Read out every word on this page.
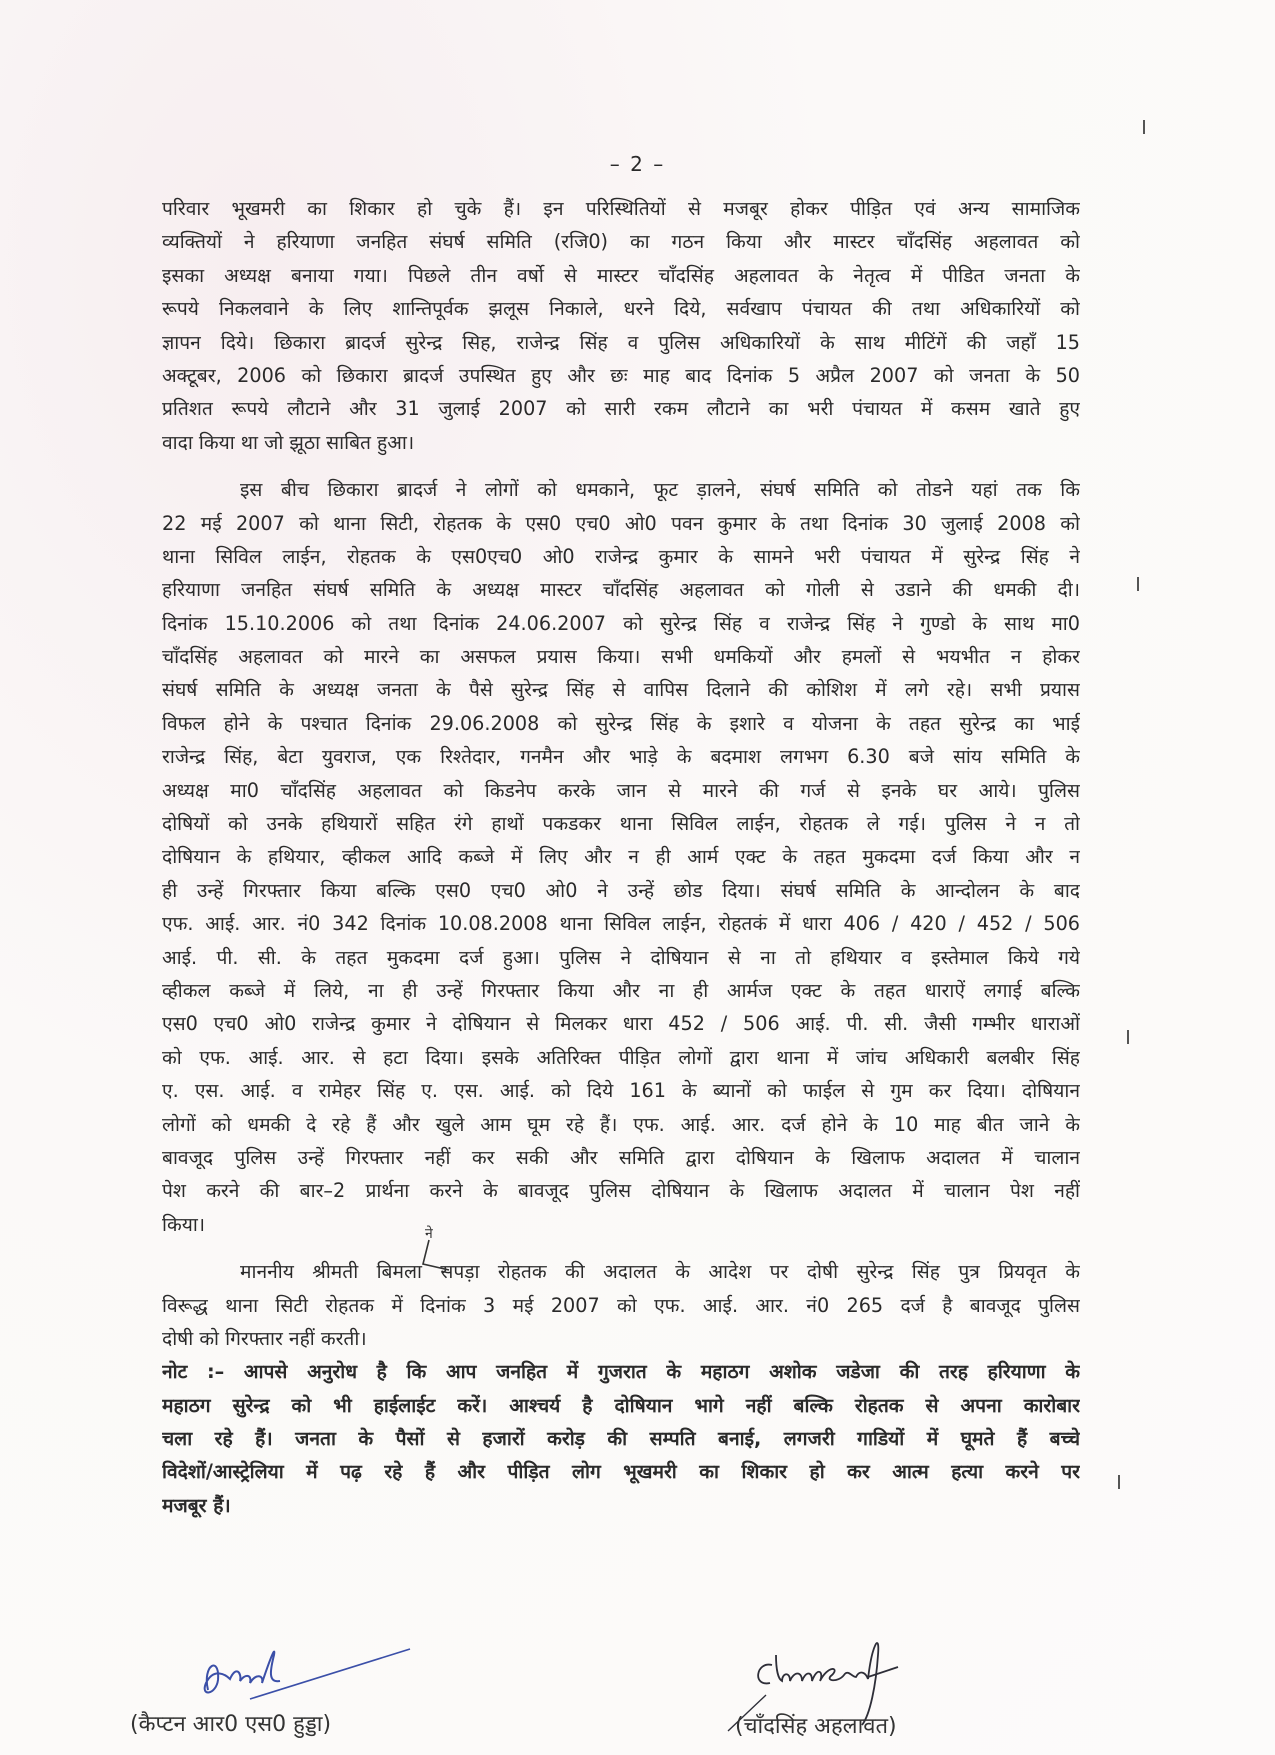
– 2 –
परिवार भूखमरी का शिकार हो चुके हैं। इन परिस्थितियों से मजबूर होकर पीड़ित एवं अन्य सामाजिक
व्यक्तियों ने हरियाणा जनहित संघर्ष समिति (रजि0) का गठन किया और मास्टर चाँदसिंह अहलावत को
इसका अध्यक्ष बनाया गया। पिछले तीन वर्षो से मास्टर चाँदसिंह अहलावत के नेतृत्व में पीडित जनता के
रूपये निकलवाने के लिए शान्तिपूर्वक झलूस निकाले, धरने दिये, सर्वखाप पंचायत की तथा अधिकारियों को
ज्ञापन दिये। छिकारा ब्रादर्ज सुरेन्द्र सिह, राजेन्द्र सिंह व पुलिस अधिकारियों के साथ मीटिंगें की जहाँ 15
अक्टूबर, 2006 को छिकारा ब्रादर्ज उपस्थित हुए और छः माह बाद दिनांक 5 अप्रैल 2007 को जनता के 50
प्रतिशत रूपये लौटाने और 31 जुलाई 2007 को सारी रकम लौटाने का भरी पंचायत में कसम खाते हुए
वादा किया था जो झूठा साबित हुआ।
इस बीच छिकारा ब्रादर्ज ने लोगों को धमकाने, फूट ड़ालने, संघर्ष समिति को तोडने यहां तक कि
22 मई 2007 को थाना सिटी, रोहतक के एस0 एच0 ओ0 पवन कुमार के तथा दिनांक 30 जुलाई 2008 को
थाना सिविल लाईन, रोहतक के एस0एच0 ओ0 राजेन्द्र कुमार के सामने भरी पंचायत में सुरेन्द्र सिंह ने
हरियाणा जनहित संघर्ष समिति के अध्यक्ष मास्टर चाँदसिंह अहलावत को गोली से उडाने की धमकी दी।
दिनांक 15.10.2006 को तथा दिनांक 24.06.2007 को सुरेन्द्र सिंह व राजेन्द्र सिंह ने गुण्डो के साथ मा0
चाँदसिंह अहलावत को मारने का असफल प्रयास किया। सभी धमकियों और हमलों से भयभीत न होकर
संघर्ष समिति के अध्यक्ष जनता के पैसे सुरेन्द्र सिंह से वापिस दिलाने की कोशिश में लगे रहे। सभी प्रयास
विफल होने के पश्चात दिनांक 29.06.2008 को सुरेन्द्र सिंह के इशारे व योजना के तहत सुरेन्द्र का भाई
राजेन्द्र सिंह, बेटा युवराज, एक रिश्तेदार, गनमैन और भाड़े के बदमाश लगभग 6.30 बजे सांय समिति के
अध्यक्ष मा0 चाँदसिंह अहलावत को किडनेप करके जान से मारने की गर्ज से इनके घर आये। पुलिस
दोषियों को उनके हथियारों सहित रंगे हाथों पकडकर थाना सिविल लाईन, रोहतक ले गई। पुलिस ने न तो
दोषियान के हथियार, व्हीकल आदि कब्जे में लिए और न ही आर्म एक्ट के तहत मुकदमा दर्ज किया और न
ही उन्हें गिरफ्तार किया बल्कि एस0 एच0 ओ0 ने उन्हें छोड दिया। संघर्ष समिति के आन्दोलन के बाद
एफ. आई. आर. नं0 342 दिनांक 10.08.2008 थाना सिविल लाईन, रोहतकं में धारा 406 / 420 / 452 / 506
आई. पी. सी. के तहत मुकदमा दर्ज हुआ। पुलिस ने दोषियान से ना तो हथियार व इस्तेमाल किये गये
व्हीकल कब्जे में लिये, ना ही उन्हें गिरफ्तार किया और ना ही आर्मज एक्ट के तहत धाराऐं लगाई बल्कि
एस0 एच0 ओ0 राजेन्द्र कुमार ने दोषियान से मिलकर धारा 452 / 506 आई. पी. सी. जैसी गम्भीर धाराओं
को एफ. आई. आर. से हटा दिया। इसके अतिरिक्त पीड़ित लोगों द्वारा थाना में जांच अधिकारी बलबीर सिंह
ए. एस. आई. व रामेहर सिंह ए. एस. आई. को दिये 161 के ब्यानों को फाईल से गुम कर दिया। दोषियान
लोगों को धमकी दे रहे हैं और खुले आम घूम रहे हैं। एफ. आई. आर. दर्ज होने के 10 माह बीत जाने के
बावजूद पुलिस उन्हें गिरफ्तार नहीं कर सकी और समिति द्वारा दोषियान के खिलाफ अदालत में चालान
पेश करने की बार–2 प्रार्थना करने के बावजूद पुलिस दोषियान के खिलाफ अदालत में चालान पेश नहीं
किया।
माननीय श्रीमती बिमला सपड़ा रोहतक की अदालत के आदेश पर दोषी सुरेन्द्र सिंह पुत्र प्रियवृत के
विरूद्ध थाना सिटी रोहतक में दिनांक 3 मई 2007 को एफ. आई. आर. नं0 265 दर्ज है बावजूद पुलिस
दोषी को गिरफ्तार नहीं करती।
नोट :– आपसे अनुरोध है कि आप जनहित में गुजरात के महाठग अशोक जडेजा की तरह हरियाणा के
महाठग सुरेन्द्र को भी हाईलाईट करें। आश्चर्य है दोषियान भागे नहीं बल्कि रोहतक से अपना कारोबार
चला रहे हैं। जनता के पैसों से हजारों करोड़ की सम्पति बनाई, लगजरी गाडियों में घूमते हैं बच्चे
विदेशों/आस्ट्रेलिया में पढ़ रहे हैं और पीड़ित लोग भूखमरी का शिकार हो कर आत्म हत्या करने पर
मजबूर हैं।
ने
(कैप्टन आर0 एस0 हुड्डा)	(चाँदसिंह अहलावत)
